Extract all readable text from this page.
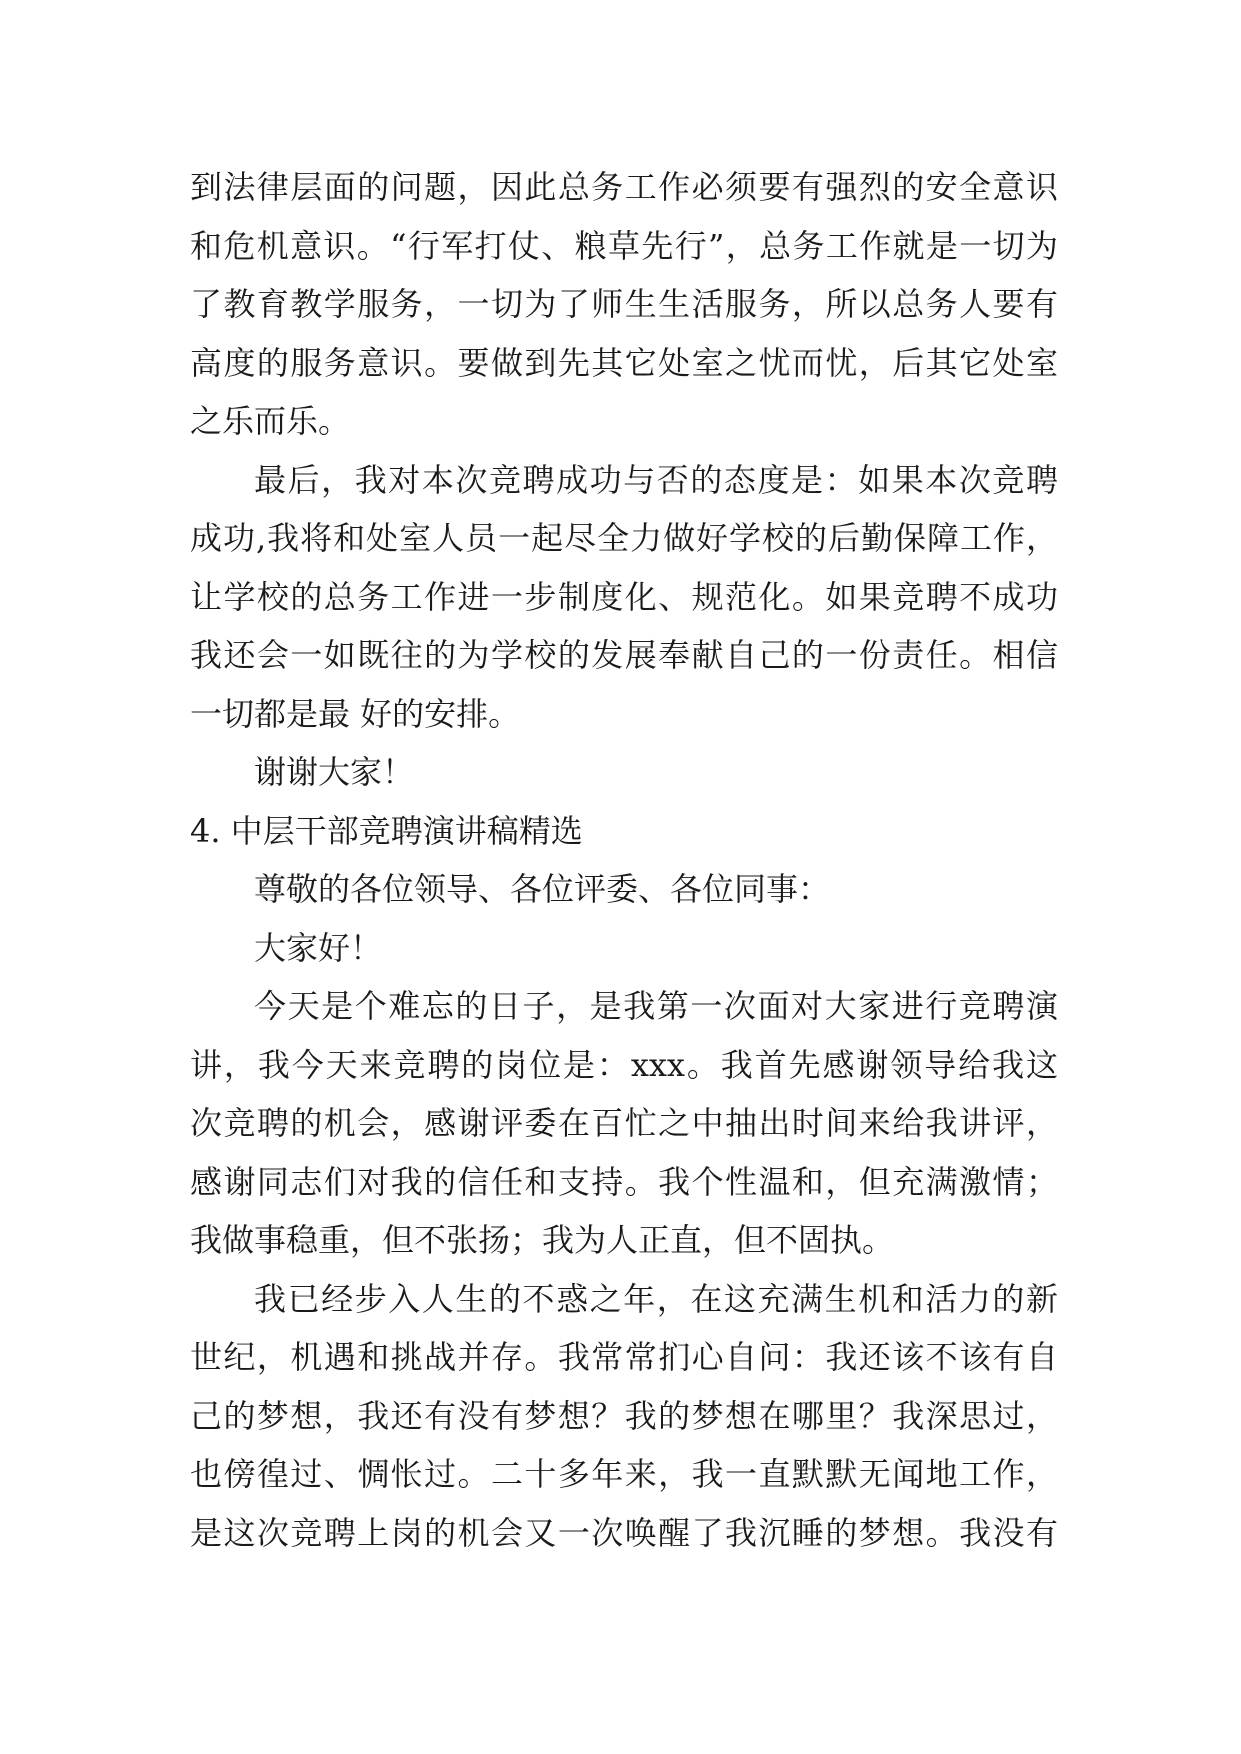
到法律层面的问题，因此总务工作必须要有强烈的安全意识
和危机意识。“行军打仗、粮草先行”，总务工作就是一切为
了教育教学服务，一切为了师生生活服务，所以总务人要有
高度的服务意识。要做到先其它处室之忧而忧，后其它处室
之乐而乐。
最后，我对本次竞聘成功与否的态度是：如果本次竞聘
成功,我将和处室人员一起尽全力做好学校的后勤保障工作，
让学校的总务工作进一步制度化、规范化。如果竞聘不成功
我还会一如既往的为学校的发展奉献自己的一份责任。相信
一切都是最 好的安排。
谢谢大家！
4. 中层干部竞聘演讲稿精选
尊敬的各位领导、各位评委、各位同事：
大家好！
今天是个难忘的日子，是我第一次面对大家进行竞聘演
讲，我今天来竞聘的岗位是：xxx。我首先感谢领导给我这
次竞聘的机会，感谢评委在百忙之中抽出时间来给我讲评，
感谢同志们对我的信任和支持。我个性温和，但充满激情；
我做事稳重，但不张扬；我为人正直，但不固执。
我已经步入人生的不惑之年，在这充满生机和活力的新
世纪，机遇和挑战并存。我常常扪心自问：我还该不该有自
己的梦想，我还有没有梦想？我的梦想在哪里？我深思过，
也傍徨过、惆怅过。二十多年来，我一直默默无闻地工作，
是这次竞聘上岗的机会又一次唤醒了我沉睡的梦想。我没有
